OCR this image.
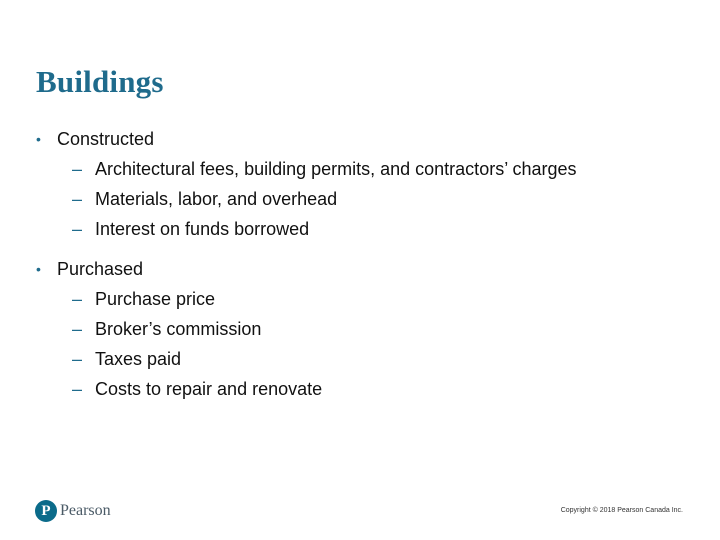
Buildings
• Constructed
– Architectural fees, building permits, and contractors’ charges
– Materials, labor, and overhead
– Interest on funds borrowed
• Purchased
– Purchase price
– Broker’s commission
– Taxes paid
– Costs to repair and renovate
P Pearson	Copyright © 2018 Pearson Canada Inc.
